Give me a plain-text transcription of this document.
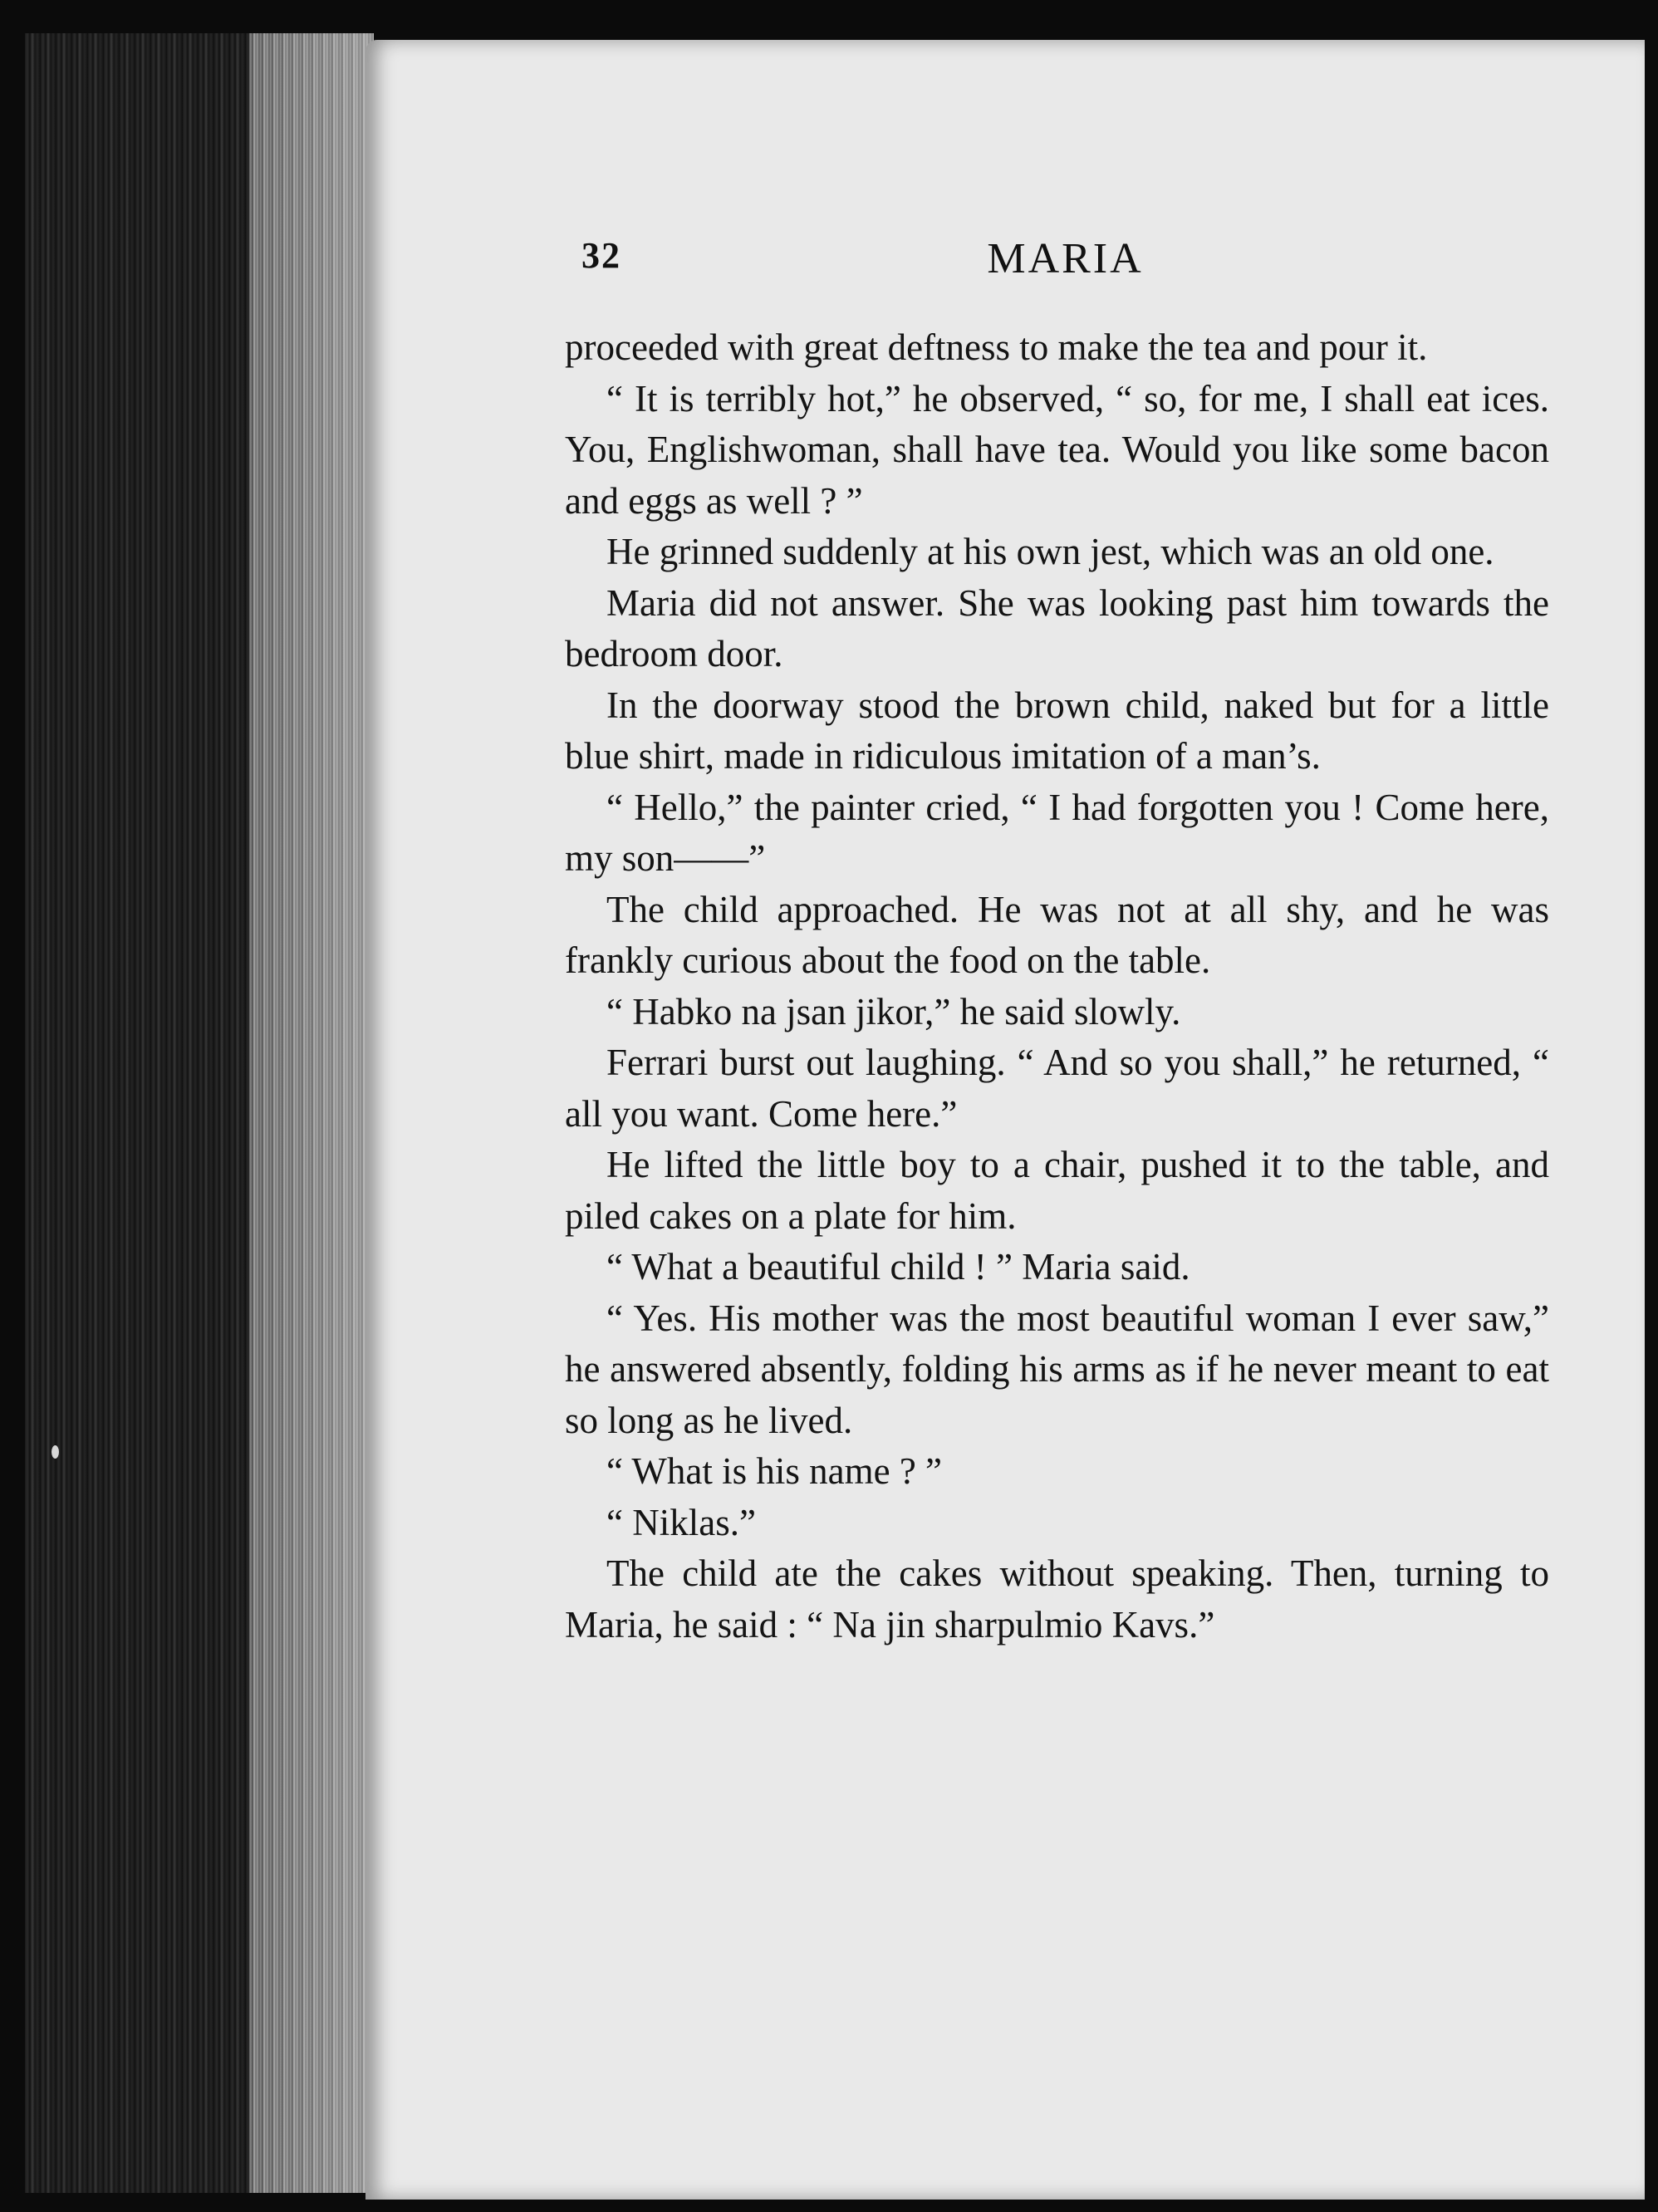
32	MARIA

proceeded with great deftness to make the tea and pour it.

“ It is terribly hot,” he observed, “ so, for me, I shall eat ices. You, Englishwoman, shall have tea. Would you like some bacon and eggs as well ? ”

He grinned suddenly at his own jest, which was an old one.

Maria did not answer. She was looking past him towards the bedroom door.

In the doorway stood the brown child, naked but for a little blue shirt, made in ridiculous imitation of a man’s.

“ Hello,” the painter cried, “ I had forgotten you ! Come here, my son——”

The child approached. He was not at all shy, and he was frankly curious about the food on the table.

“ Habko na jsan jikor,” he said slowly.

Ferrari burst out laughing. “ And so you shall,” he returned, “ all you want. Come here.”

He lifted the little boy to a chair, pushed it to the table, and piled cakes on a plate for him.

“ What a beautiful child ! ” Maria said.

“ Yes. His mother was the most beautiful woman I ever saw,” he answered absently, folding his arms as if he never meant to eat so long as he lived.

“ What is his name ? ”

“ Niklas.”

The child ate the cakes without speaking. Then, turning to Maria, he said : “ Na jin sharpulmio Kavs.”
